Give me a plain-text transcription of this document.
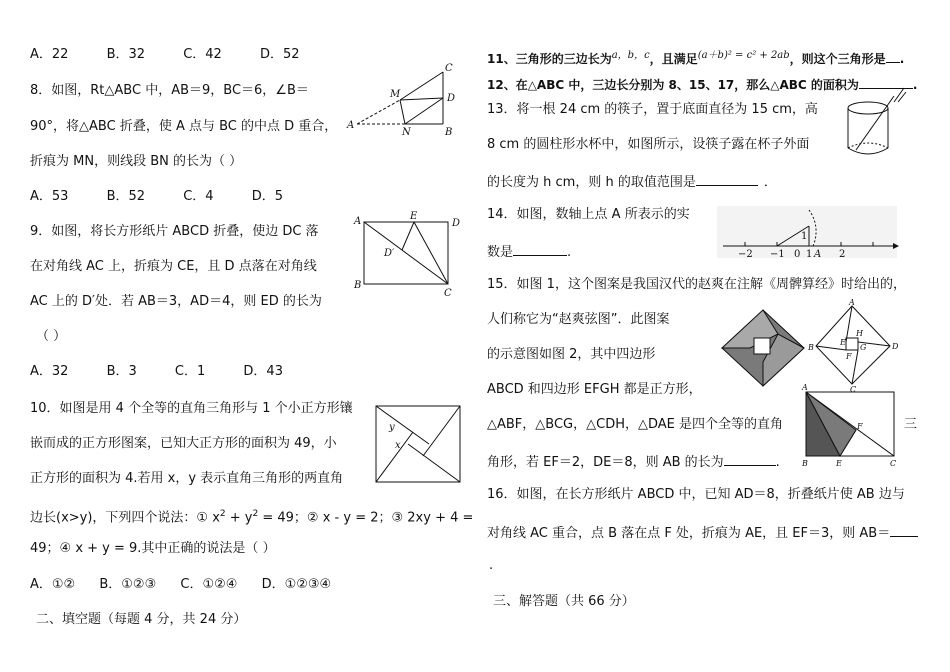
A．22	B．32	C．42	D．52
8．如图，Rt△ABC 中，AB＝9，BC＝6，∠B＝
90°，将△ABC 折叠，使 A 点与 BC 的中点 D 重合，
折痕为 MN，则线段 BN 的长为（ ）
A．53	B．52	C．4	D．5
C
M	D
A
N	B
9．如图，将长方形纸片 ABCD 折叠，使边 DC 落
在对角线 AC 上，折痕为 CE，且 D 点落在对角线
AC 上的 D′处．若 AB＝3，AD＝4，则 ED 的长为
（ ）
A．32	B．3	C．1	D．43
A	E
D
D′
B
C
10．如图是用 4 个全等的直角三角形与 1 个小正方形镶
嵌而成的正方形图案，已知大正方形的面积为 49，小
正方形的面积为 4.若用 x，y 表示直角三角形的两直角
边长(x>y)，下列四个说法：① $x^2 + y^2 = 49$；② x - y = 2；③ 2xy + 4 =
49；④ x + y = 9.其中正确的说法是（ ）
A．①② B．①②③ C．①②④ D．①②③④
y
x
二、填空题（每题 4 分，共 24 分）
11、三角形的三边长为$^{a,b,c}$，且满足$^{(a+b)^2 = c^2 + 2ab}$，则这个三角形是 .
12、在△ABC 中，三边长分别为 8、15、17，那么△ABC 的面积为	.
13．将一根 24 cm 的筷子，置于底面直径为 15 cm，高
8 cm 的圆柱形水杯中，如图所示，设筷子露在杯子外面
的长度为 h cm，则 h 的取值范围是	．
14．如图，数轴上点 A 所表示的实
数是	.	−2 −1 0 1 A 2
1
15．如图 1，这个图案是我国汉代的赵爽在注解《周髀算经》时给出的，
人们称它为“赵爽弦图”．此图案
的示意图如图 2，其中四边形
ABCD 和四边形 EFGH 都是正方形，
△ABF，△BCG，△CDH，△DAE 是四个全等的直角	三
角形，若 EF＝2，DE＝8，则 AB 的长为	.
A
H
E
G
B	D
F
C
A
F
B	E	C
16．如图，在长方形纸片 ABCD 中，已知 AD＝8，折叠纸片使 AB 边与
对角线 AC 重合，点 B 落在点 F 处，折痕为 AE，且 EF＝3，则 AB＝
.
三、解答题（共 66 分）
